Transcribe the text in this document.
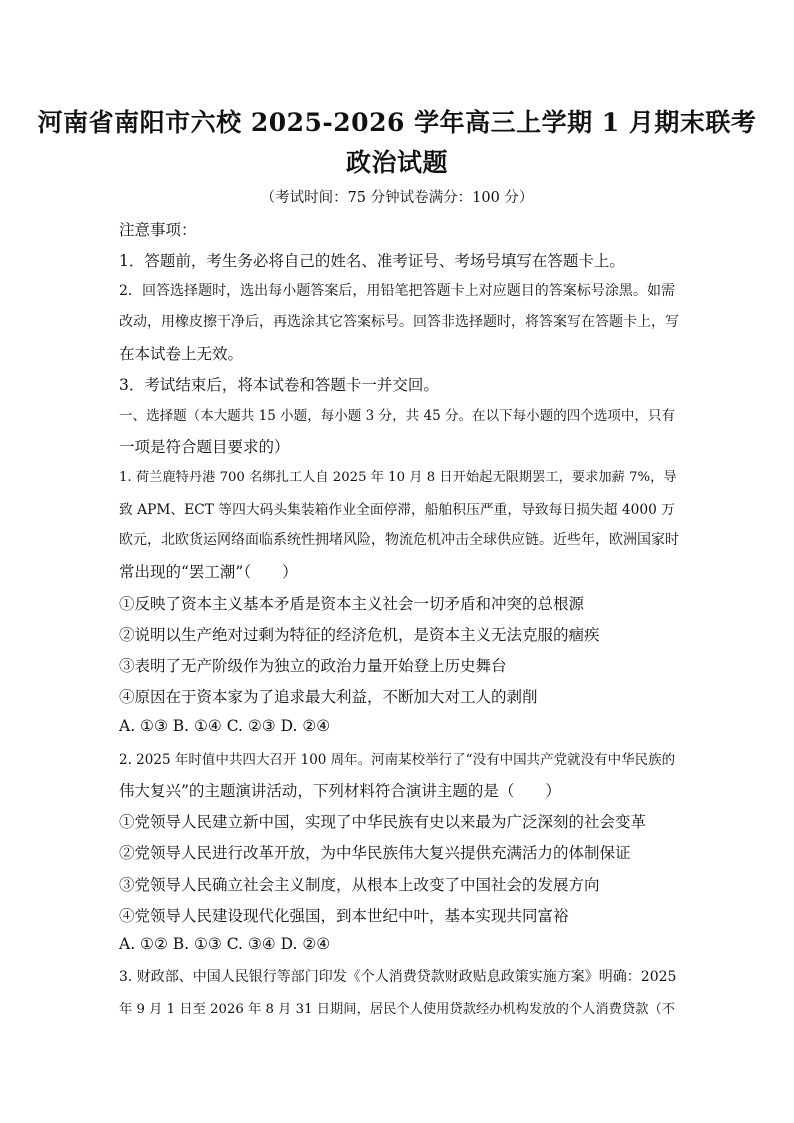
河南省南阳市六校 2025-2026 学年高三上学期 1 月期末联考
政治试题
（考试时间：75 分钟试卷满分：100 分）
注意事项：
1．答题前，考生务必将自己的姓名、准考证号、考场号填写在答题卡上。
2．回答选择题时，选出每小题答案后，用铅笔把答题卡上对应题目的答案标号涂黑。如需
改动，用橡皮擦干净后，再选涂其它答案标号。回答非选择题时，将答案写在答题卡上，写
在本试卷上无效。
3．考试结束后，将本试卷和答题卡一并交回。
一、选择题（本大题共 15 小题，每小题 3 分，共 45 分。在以下每小题的四个选项中，只有
一项是符合题目要求的）
1. 荷兰鹿特丹港 700 名绑扎工人自 2025 年 10 月 8 日开始起无限期罢工，要求加薪 7%，导
致 APM、ECT 等四大码头集装箱作业全面停滞，船舶积压严重，导致每日损失超 4000 万
欧元，北欧货运网络面临系统性拥堵风险，物流危机冲击全球供应链。近些年，欧洲国家时
常出现的“罢工潮”（　　）
①反映了资本主义基本矛盾是资本主义社会一切矛盾和冲突的总根源
②说明以生产绝对过剩为特征的经济危机，是资本主义无法克服的痼疾
③表明了无产阶级作为独立的政治力量开始登上历史舞台
④原因在于资本家为了追求最大利益，不断加大对工人的剥削
A. ①③ B. ①④ C. ②③ D. ②④
2. 2025 年时值中共四大召开 100 周年。河南某校举行了“没有中国共产党就没有中华民族的
伟大复兴”的主题演讲活动，下列材料符合演讲主题的是（　　）
①党领导人民建立新中国，实现了中华民族有史以来最为广泛深刻的社会变革
②党领导人民进行改革开放，为中华民族伟大复兴提供充满活力的体制保证
③党领导人民确立社会主义制度，从根本上改变了中国社会的发展方向
④党领导人民建设现代化强国，到本世纪中叶，基本实现共同富裕
A. ①② B. ①③ C. ③④ D. ②④
3. 财政部、中国人民银行等部门印发《个人消费贷款财政贴息政策实施方案》明确：2025
年 9 月 1 日至 2026 年 8 月 31 日期间，居民个人使用贷款经办机构发放的个人消费贷款（不
